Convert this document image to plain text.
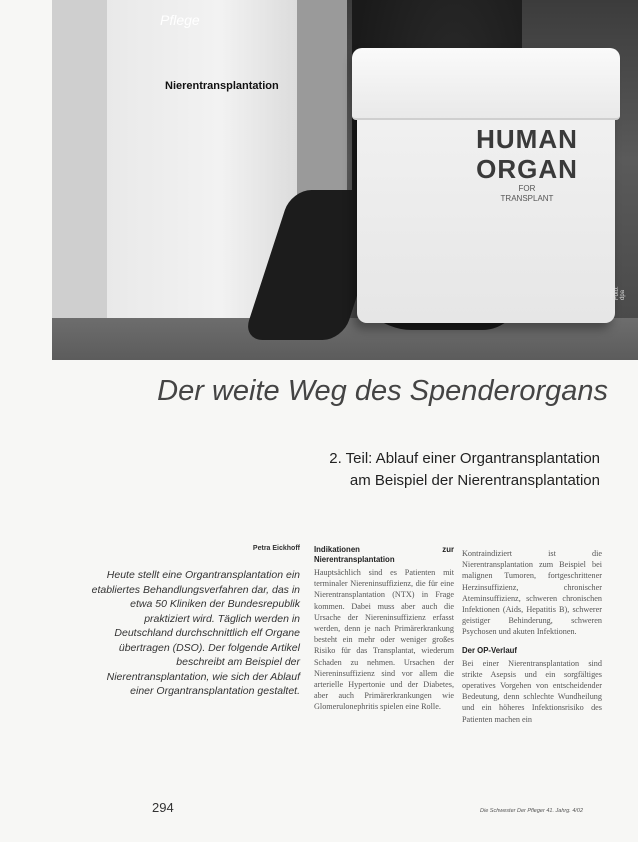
HUMAN
ORGAN
FOR
TRANSPLANT
Foto: dpa
Pflege
Nierentransplantation
Der weite Weg des Spenderorgans
2. Teil: Ablauf einer Organtransplantation
am Beispiel der Nierentransplantation
Petra Eickhoff
Heute stellt eine Organtransplantation ein etabliertes Behandlungsverfahren dar, das in etwa 50 Kliniken der Bundesrepublik praktiziert wird. Täglich werden in Deutschland durchschnittlich elf Organe übertragen (DSO). Der folgende Artikel beschreibt am Beispiel der Nierentransplantation, wie sich der Ablauf einer Organtransplantation gestaltet.
Indikationen zur Nierentransplantation

Hauptsächlich sind es Patienten mit terminaler Niereninsuffizienz, die für eine Nierentransplantation (NTX) in Frage kommen. Dabei muss aber auch die Ursache der Niereninsuffizienz erfasst werden, denn je nach Primärerkrankung besteht ein mehr oder weniger großes Risiko für das Transplantat, wiederum Schaden zu nehmen. Ursachen der Niereninsuffizienz sind vor allem die arterielle Hypertonie und der Diabetes, aber auch Primärerkrankungen wie Glomerulonephritis spielen eine Rolle.

Kontraindiziert ist die Nierentransplantation zum Beispiel bei malignen Tumoren, fortgeschrittener Herzinsuffizienz, chronischer Ateminsuffizienz, schweren chronischen Infektionen (Aids, Hepatitis B), schwerer geistiger Behinderung, schweren Psychosen und akuten Infektionen.

Der OP-Verlauf

Bei einer Nierentransplantation sind strikte Asepsis und ein sorgfältiges operatives Vorgehen von entscheidender Bedeutung, denn schlechte Wundheilung und ein höheres Infektionsrisiko des Patienten machen ein

294	Die Schwester Der Pfleger 41. Jahrg. 4/02
